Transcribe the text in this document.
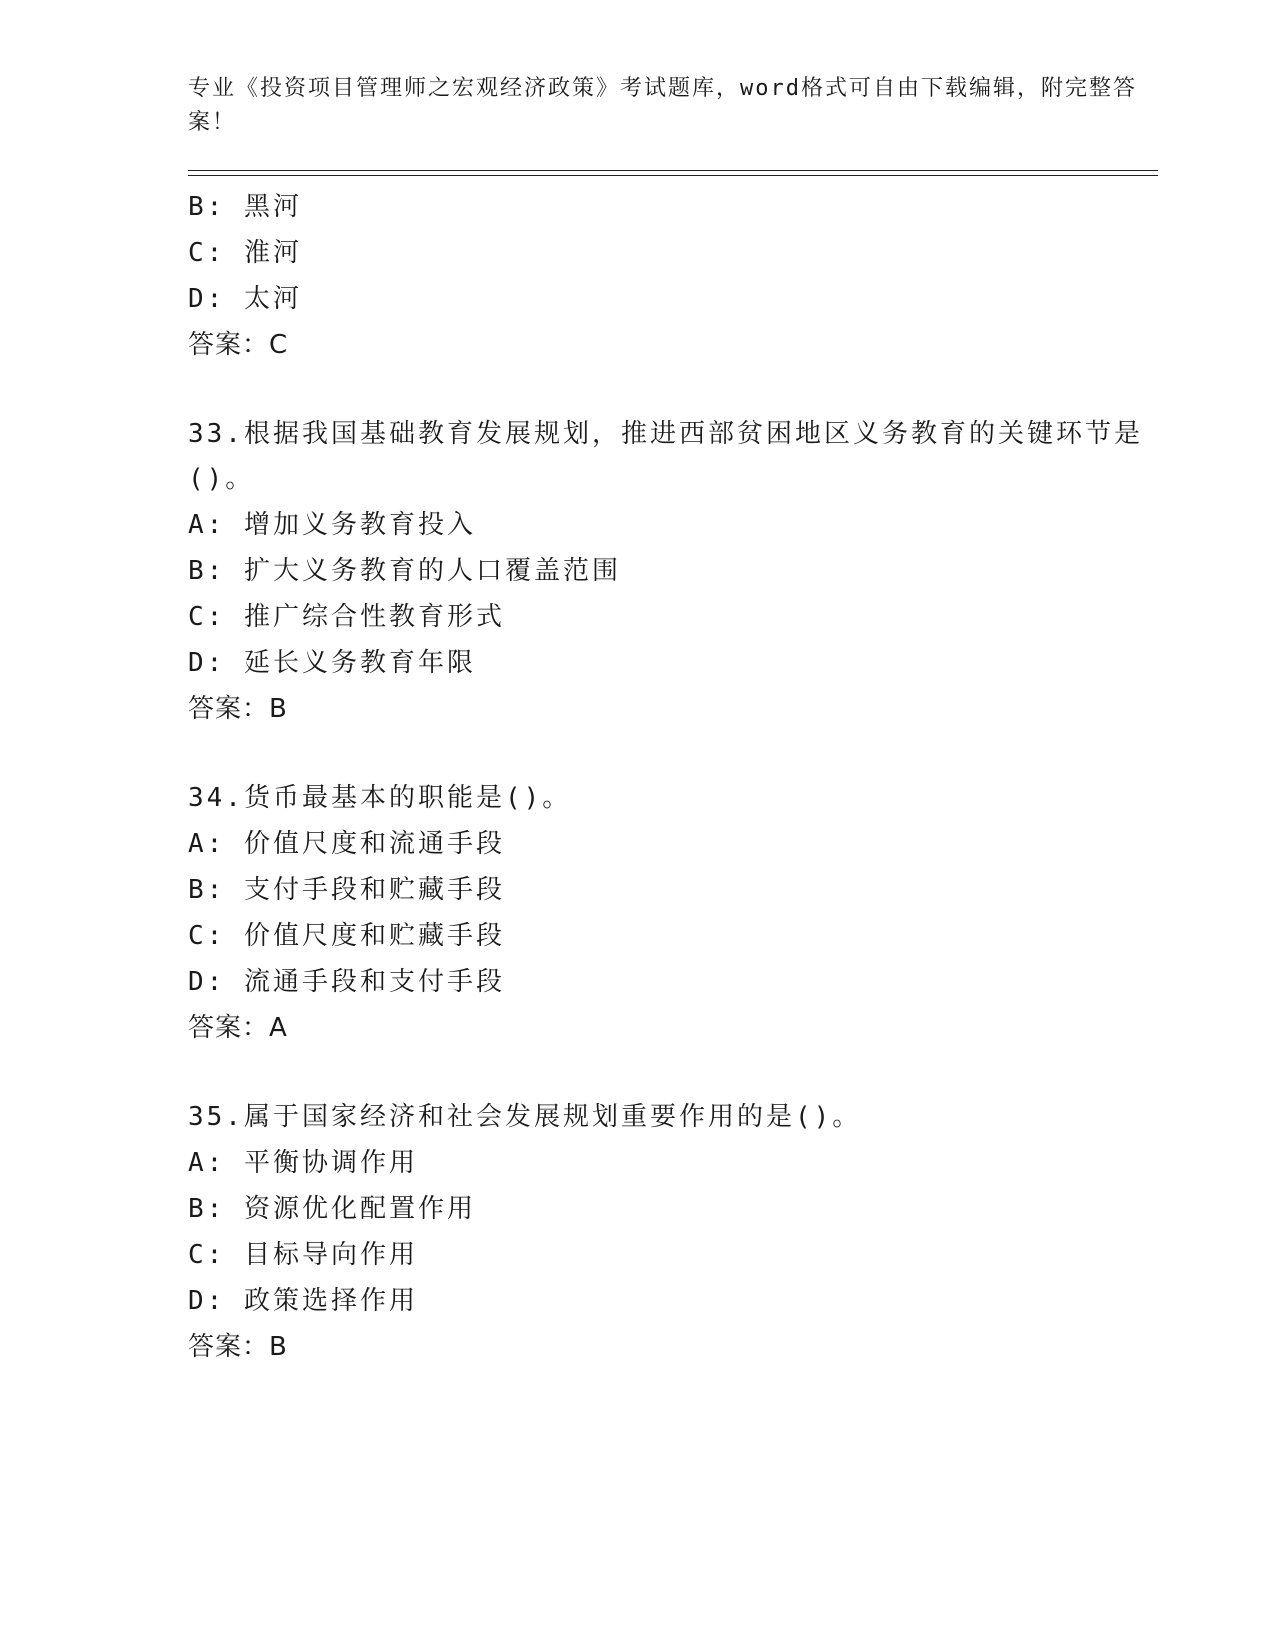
专业《投资项目管理师之宏观经济政策》考试题库，word格式可自由下载编辑，附完整答案！

B: 黑河
C: 淮河
D: 太河
答案：C

33.根据我国基础教育发展规划，推进西部贫困地区义务教育的关键环节是()。

A: 增加义务教育投入
B: 扩大义务教育的人口覆盖范围
C: 推广综合性教育形式
D: 延长义务教育年限
答案：B

34.货币最基本的职能是()。

A: 价值尺度和流通手段
B: 支付手段和贮藏手段
C: 价值尺度和贮藏手段
D: 流通手段和支付手段
答案：A

35.属于国家经济和社会发展规划重要作用的是()。

A: 平衡协调作用
B: 资源优化配置作用
C: 目标导向作用
D: 政策选择作用
答案：B
